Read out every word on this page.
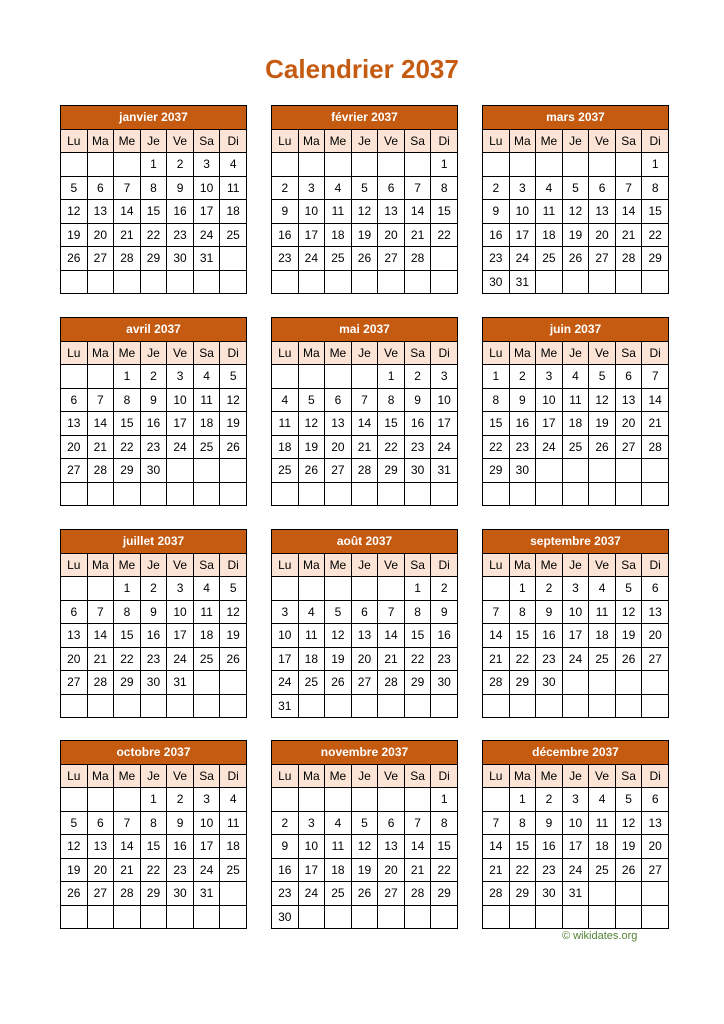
Calendrier 2037
janvier 2037						
Lu	Ma	Me	Je	Ve	Sa	Di
			1	2	3	4
5	6	7	8	9	10	11
12	13	14	15	16	17	18
19	20	21	22	23	24	25
26	27	28	29	30	31	

février 2037						
Lu	Ma	Me	Je	Ve	Sa	Di
						1
2	3	4	5	6	7	8
9	10	11	12	13	14	15
16	17	18	19	20	21	22
23	24	25	26	27	28	

mars 2037						
Lu	Ma	Me	Je	Ve	Sa	Di
						1
2	3	4	5	6	7	8
9	10	11	12	13	14	15
16	17	18	19	20	21	22
23	24	25	26	27	28	29
30	31					
avril 2037						
Lu	Ma	Me	Je	Ve	Sa	Di
		1	2	3	4	5
6	7	8	9	10	11	12
13	14	15	16	17	18	19
20	21	22	23	24	25	26
27	28	29	30			

mai 2037						
Lu	Ma	Me	Je	Ve	Sa	Di
				1	2	3
4	5	6	7	8	9	10
11	12	13	14	15	16	17
18	19	20	21	22	23	24
25	26	27	28	29	30	31

juin 2037						
Lu	Ma	Me	Je	Ve	Sa	Di
1	2	3	4	5	6	7
8	9	10	11	12	13	14
15	16	17	18	19	20	21
22	23	24	25	26	27	28
29	30					

juillet 2037						
Lu	Ma	Me	Je	Ve	Sa	Di
		1	2	3	4	5
6	7	8	9	10	11	12
13	14	15	16	17	18	19
20	21	22	23	24	25	26
27	28	29	30	31		

août 2037						
Lu	Ma	Me	Je	Ve	Sa	Di
					1	2
3	4	5	6	7	8	9
10	11	12	13	14	15	16
17	18	19	20	21	22	23
24	25	26	27	28	29	30
31						
septembre 2037						
Lu	Ma	Me	Je	Ve	Sa	Di
	1	2	3	4	5	6
7	8	9	10	11	12	13
14	15	16	17	18	19	20
21	22	23	24	25	26	27
28	29	30				

octobre 2037						
Lu	Ma	Me	Je	Ve	Sa	Di
			1	2	3	4
5	6	7	8	9	10	11
12	13	14	15	16	17	18
19	20	21	22	23	24	25
26	27	28	29	30	31	

novembre 2037						
Lu	Ma	Me	Je	Ve	Sa	Di
						1
2	3	4	5	6	7	8
9	10	11	12	13	14	15
16	17	18	19	20	21	22
23	24	25	26	27	28	29
30						
décembre 2037						
Lu	Ma	Me	Je	Ve	Sa	Di
	1	2	3	4	5	6
7	8	9	10	11	12	13
14	15	16	17	18	19	20
21	22	23	24	25	26	27
28	29	30	31			

© wikidates.org
